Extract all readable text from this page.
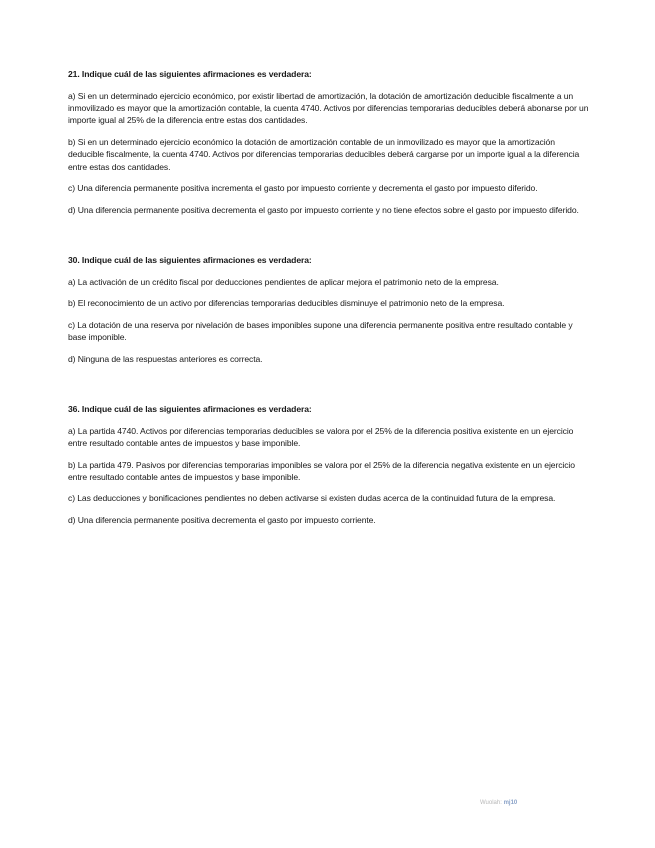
21. Indique cuál de las siguientes afirmaciones es verdadera:

a) Si en un determinado ejercicio económico, por existir libertad de amortización, la dotación de amortización deducible fiscalmente a un inmovilizado es mayor que la amortización contable, la cuenta 4740. Activos por diferencias temporarias deducibles deberá abonarse por un importe igual al 25% de la diferencia entre estas dos cantidades.

b) Si en un determinado ejercicio económico la dotación de amortización contable de un inmovilizado es mayor que la amortización deducible fiscalmente, la cuenta 4740. Activos por diferencias temporarias deducibles deberá cargarse por un importe igual a la diferencia entre estas dos cantidades.

c) Una diferencia permanente positiva incrementa el gasto por impuesto corriente y decrementa el gasto por impuesto diferido.

d) Una diferencia permanente positiva decrementa el gasto por impuesto corriente y no tiene efectos sobre el gasto por impuesto diferido.

30. Indique cuál de las siguientes afirmaciones es verdadera:

a) La activación de un crédito fiscal por deducciones pendientes de aplicar mejora el patrimonio neto de la empresa.

b) El reconocimiento de un activo por diferencias temporarias deducibles disminuye el patrimonio neto de la empresa.

c) La dotación de una reserva por nivelación de bases imponibles supone una diferencia permanente positiva entre resultado contable y base imponible.

d) Ninguna de las respuestas anteriores es correcta.

36. Indique cuál de las siguientes afirmaciones es verdadera:

a) La partida 4740. Activos por diferencias temporarias deducibles se valora por el 25% de la diferencia positiva existente en un ejercicio entre resultado contable antes de impuestos y base imponible.

b) La partida 479. Pasivos por diferencias temporarias imponibles se valora por el 25% de la diferencia negativa existente en un ejercicio entre resultado contable antes de impuestos y base imponible.

c) Las deducciones y bonificaciones pendientes no deben activarse si existen dudas acerca de la continuidad futura de la empresa.

d) Una diferencia permanente positiva decrementa el gasto por impuesto corriente.

Wuolah: mj10
